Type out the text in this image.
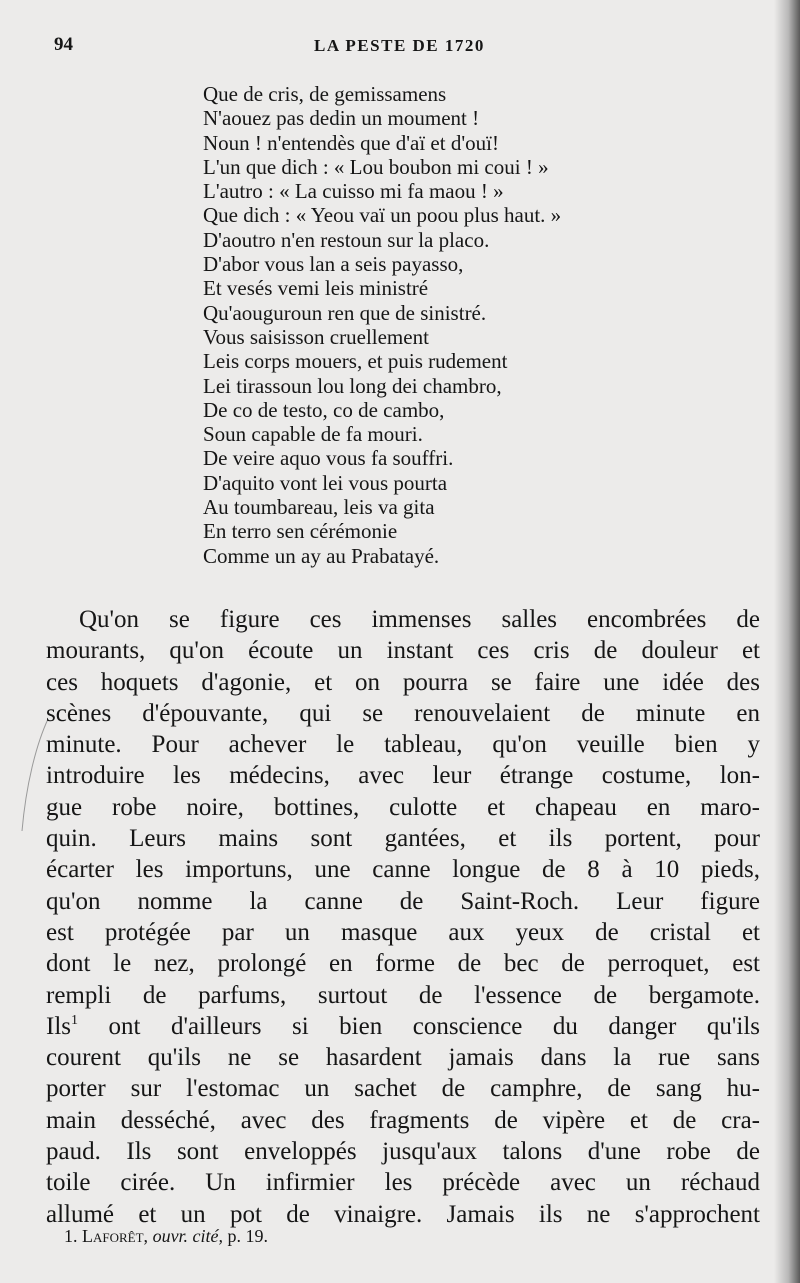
94	LA PESTE DE 1720
Que de cris, de gemissamens
N'aouez pas dedin un moument !
Noun ! n'entendès que d'aï et d'ouï!
L'un que dich : « Lou boubon mi coui ! »
L'autro : « La cuisso mi fa maou ! »
Que dich : « Yeou vaï un poou plus haut. »
D'aoutro n'en restoun sur la placo.
D'abor vous lan a seis payasso,
Et vesés vemi leis ministré
Qu'aouguroun ren que de sinistré.
Vous saisisson cruellement
Leis corps mouers, et puis rudement
Lei tirassoun lou long dei chambro,
De co de testo, co de cambo,
Soun capable de fa mouri.
De veire aquo vous fa souffri.
D'aquito vont lei vous pourta
Au toumbareau, leis va gita
En terro sen cérémonie
Comme un ay au Prabatayé.
Qu'on se figure ces immenses salles encombrées de
mourants, qu'on écoute un instant ces cris de douleur et
ces hoquets d'agonie, et on pourra se faire une idée des
scènes d'épouvante, qui se renouvelaient de minute en
minute. Pour achever le tableau, qu'on veuille bien y
introduire les médecins, avec leur étrange costume, lon-
gue robe noire, bottines, culotte et chapeau en maro-
quin. Leurs mains sont gantées, et ils portent, pour
écarter les importuns, une canne longue de 8 à 10 pieds,
qu'on nomme la canne de Saint-Roch. Leur figure
est protégée par un masque aux yeux de cristal et
dont le nez, prolongé en forme de bec de perroquet, est
rempli de parfums, surtout de l'essence de bergamote.
Ils$^1$ ont d'ailleurs si bien conscience du danger qu'ils
courent qu'ils ne se hasardent jamais dans la rue sans
porter sur l'estomac un sachet de camphre, de sang hu-
main desséché, avec des fragments de vipère et de cra-
paud. Ils sont enveloppés jusqu'aux talons d'une robe de
toile cirée. Un infirmier les précède avec un réchaud
allumé et un pot de vinaigre. Jamais ils ne s'approchent
1. Laforêt, ouvr. cité, p. 19.
